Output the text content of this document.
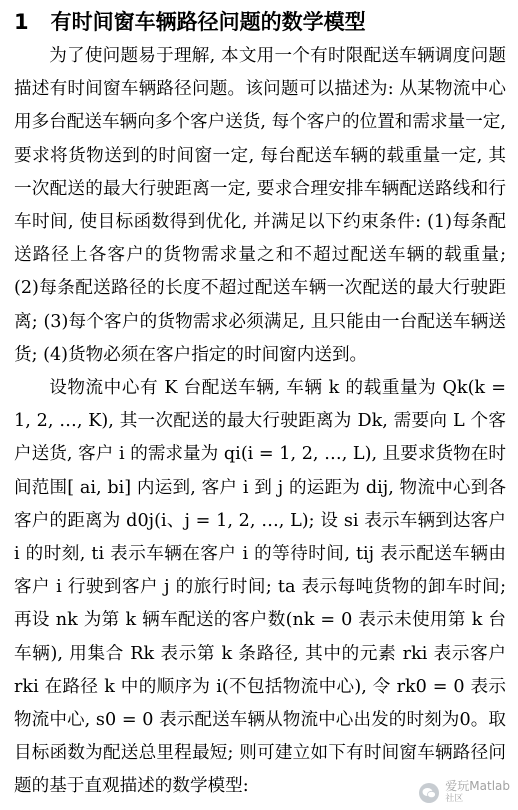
1 有时间窗车辆路径问题的数学模型

为了使问题易于理解, 本文用一个有时限配送车辆调度问题描述有时间窗车辆路径问题。该问题可以描述为: 从某物流中心用多台配送车辆向多个客户送货, 每个客户的位置和需求量一定, 要求将货物送到的时间窗一定, 每台配送车辆的载重量一定, 其一次配送的最大行驶距离一定, 要求合理安排车辆配送路线和行车时间, 使目标函数得到优化, 并满足以下约束条件: (1)每条配送路径上各客户的货物需求量之和不超过配送车辆的载重量; (2)每条配送路径的长度不超过配送车辆一次配送的最大行驶距离; (3)每个客户的货物需求必须满足, 且只能由一台配送车辆送货; (4)货物必须在客户指定的时间窗内送到。

设物流中心有 K 台配送车辆, 车辆 k 的载重量为 Qk(k = 1, 2, …, K), 其一次配送的最大行驶距离为 Dk, 需要向 L 个客户送货, 客户 i 的需求量为 qi(i = 1, 2, …, L), 且要求货物在时间范围[ ai, bi] 内运到, 客户 i 到 j 的运距为 dij, 物流中心到各客户的距离为 d0j(i、j = 1, 2, …, L); 设 si 表示车辆到达客户 i 的时刻, ti 表示车辆在客户 i 的等待时间, tij 表示配送车辆由客户 i 行驶到客户 j 的旅行时间; ta 表示每吨货物的卸车时间; 再设 nk 为第 k 辆车配送的客户数(nk = 0 表示未使用第 k 台车辆), 用集合 Rk 表示第 k 条路径, 其中的元素 rki 表示客户 rki 在路径 k 中的顺序为 i(不包括物流中心), 令 rk0 = 0 表示物流中心, s0 = 0 表示配送车辆从物流中心出发的时刻为0。取目标函数为配送总里程最短; 则可建立如下有时间窗车辆路径问题的基于直观描述的数学模型:	爱玩Matlab
社区
